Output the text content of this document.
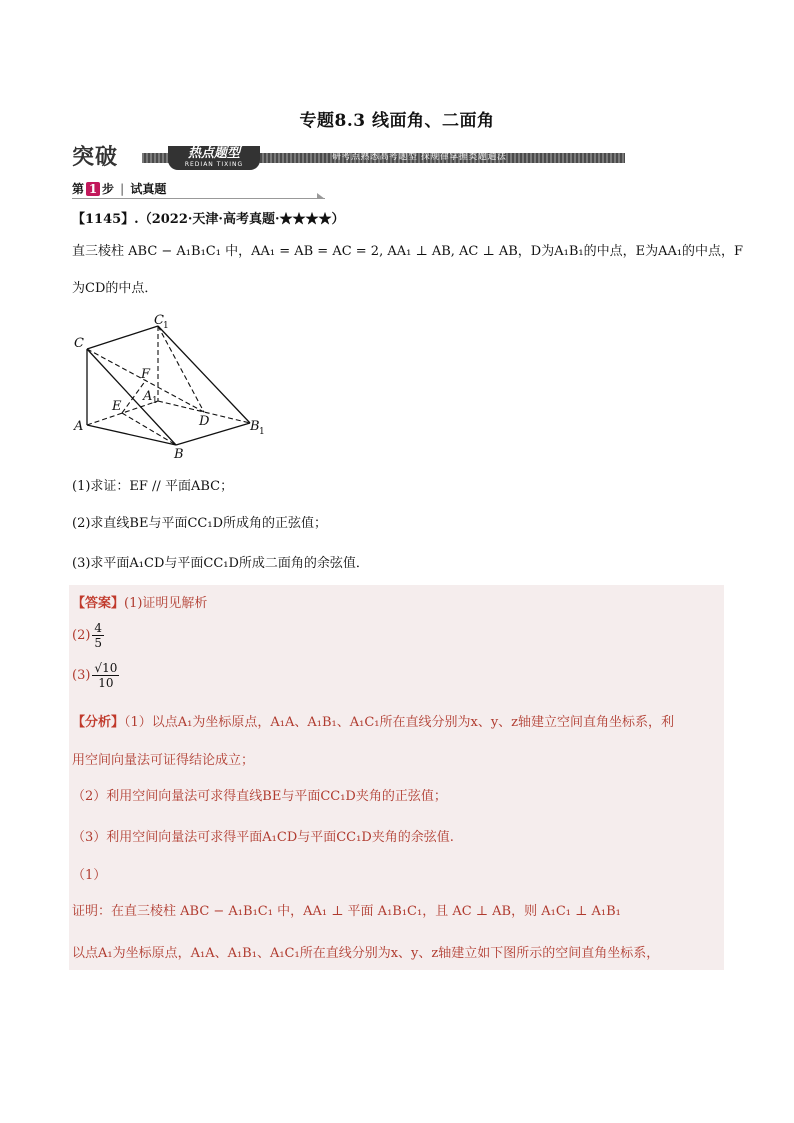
专题8.3 线面角、二面角
突破	热点题型
REDIAN TIXING
研考点熟悉高考题型 探规律掌握类题通法
第 1 步 | 试真题
【1145】.（2022·天津·高考真题·★★★★）
直三棱柱 ABC − A₁B₁C₁ 中，AA₁ = AB = AC = 2, AA₁ ⊥ AB, AC ⊥ AB，D为A₁B₁的中点，E为AA₁的中点，F
为CD的中点．
C
C 1
F
A 1
E
D
A
B
B 1
(1)求证：EF // 平面ABC；
(2)求直线BE与平面CC₁D所成角的正弦值；
(3)求平面A₁CD与平面CC₁D所成二面角的余弦值．
【答案】(1)证明见解析
$(2) \frac{4}{5}$
$(3) \frac{√10}{10}$
【分析】（1）以点A₁为坐标原点，A₁A、A₁B₁、A₁C₁所在直线分别为x、y、z轴建立空间直角坐标系，利
用空间向量法可证得结论成立；
（2）利用空间向量法可求得直线BE与平面CC₁D夹角的正弦值；
（3）利用空间向量法可求得平面A₁CD与平面CC₁D夹角的余弦值.
（1）
证明：在直三棱柱 ABC − A₁B₁C₁ 中，AA₁ ⊥ 平面 A₁B₁C₁，且 AC ⊥ AB，则 A₁C₁ ⊥ A₁B₁
以点A₁为坐标原点，A₁A、A₁B₁、A₁C₁所在直线分别为x、y、z轴建立如下图所示的空间直角坐标系，
